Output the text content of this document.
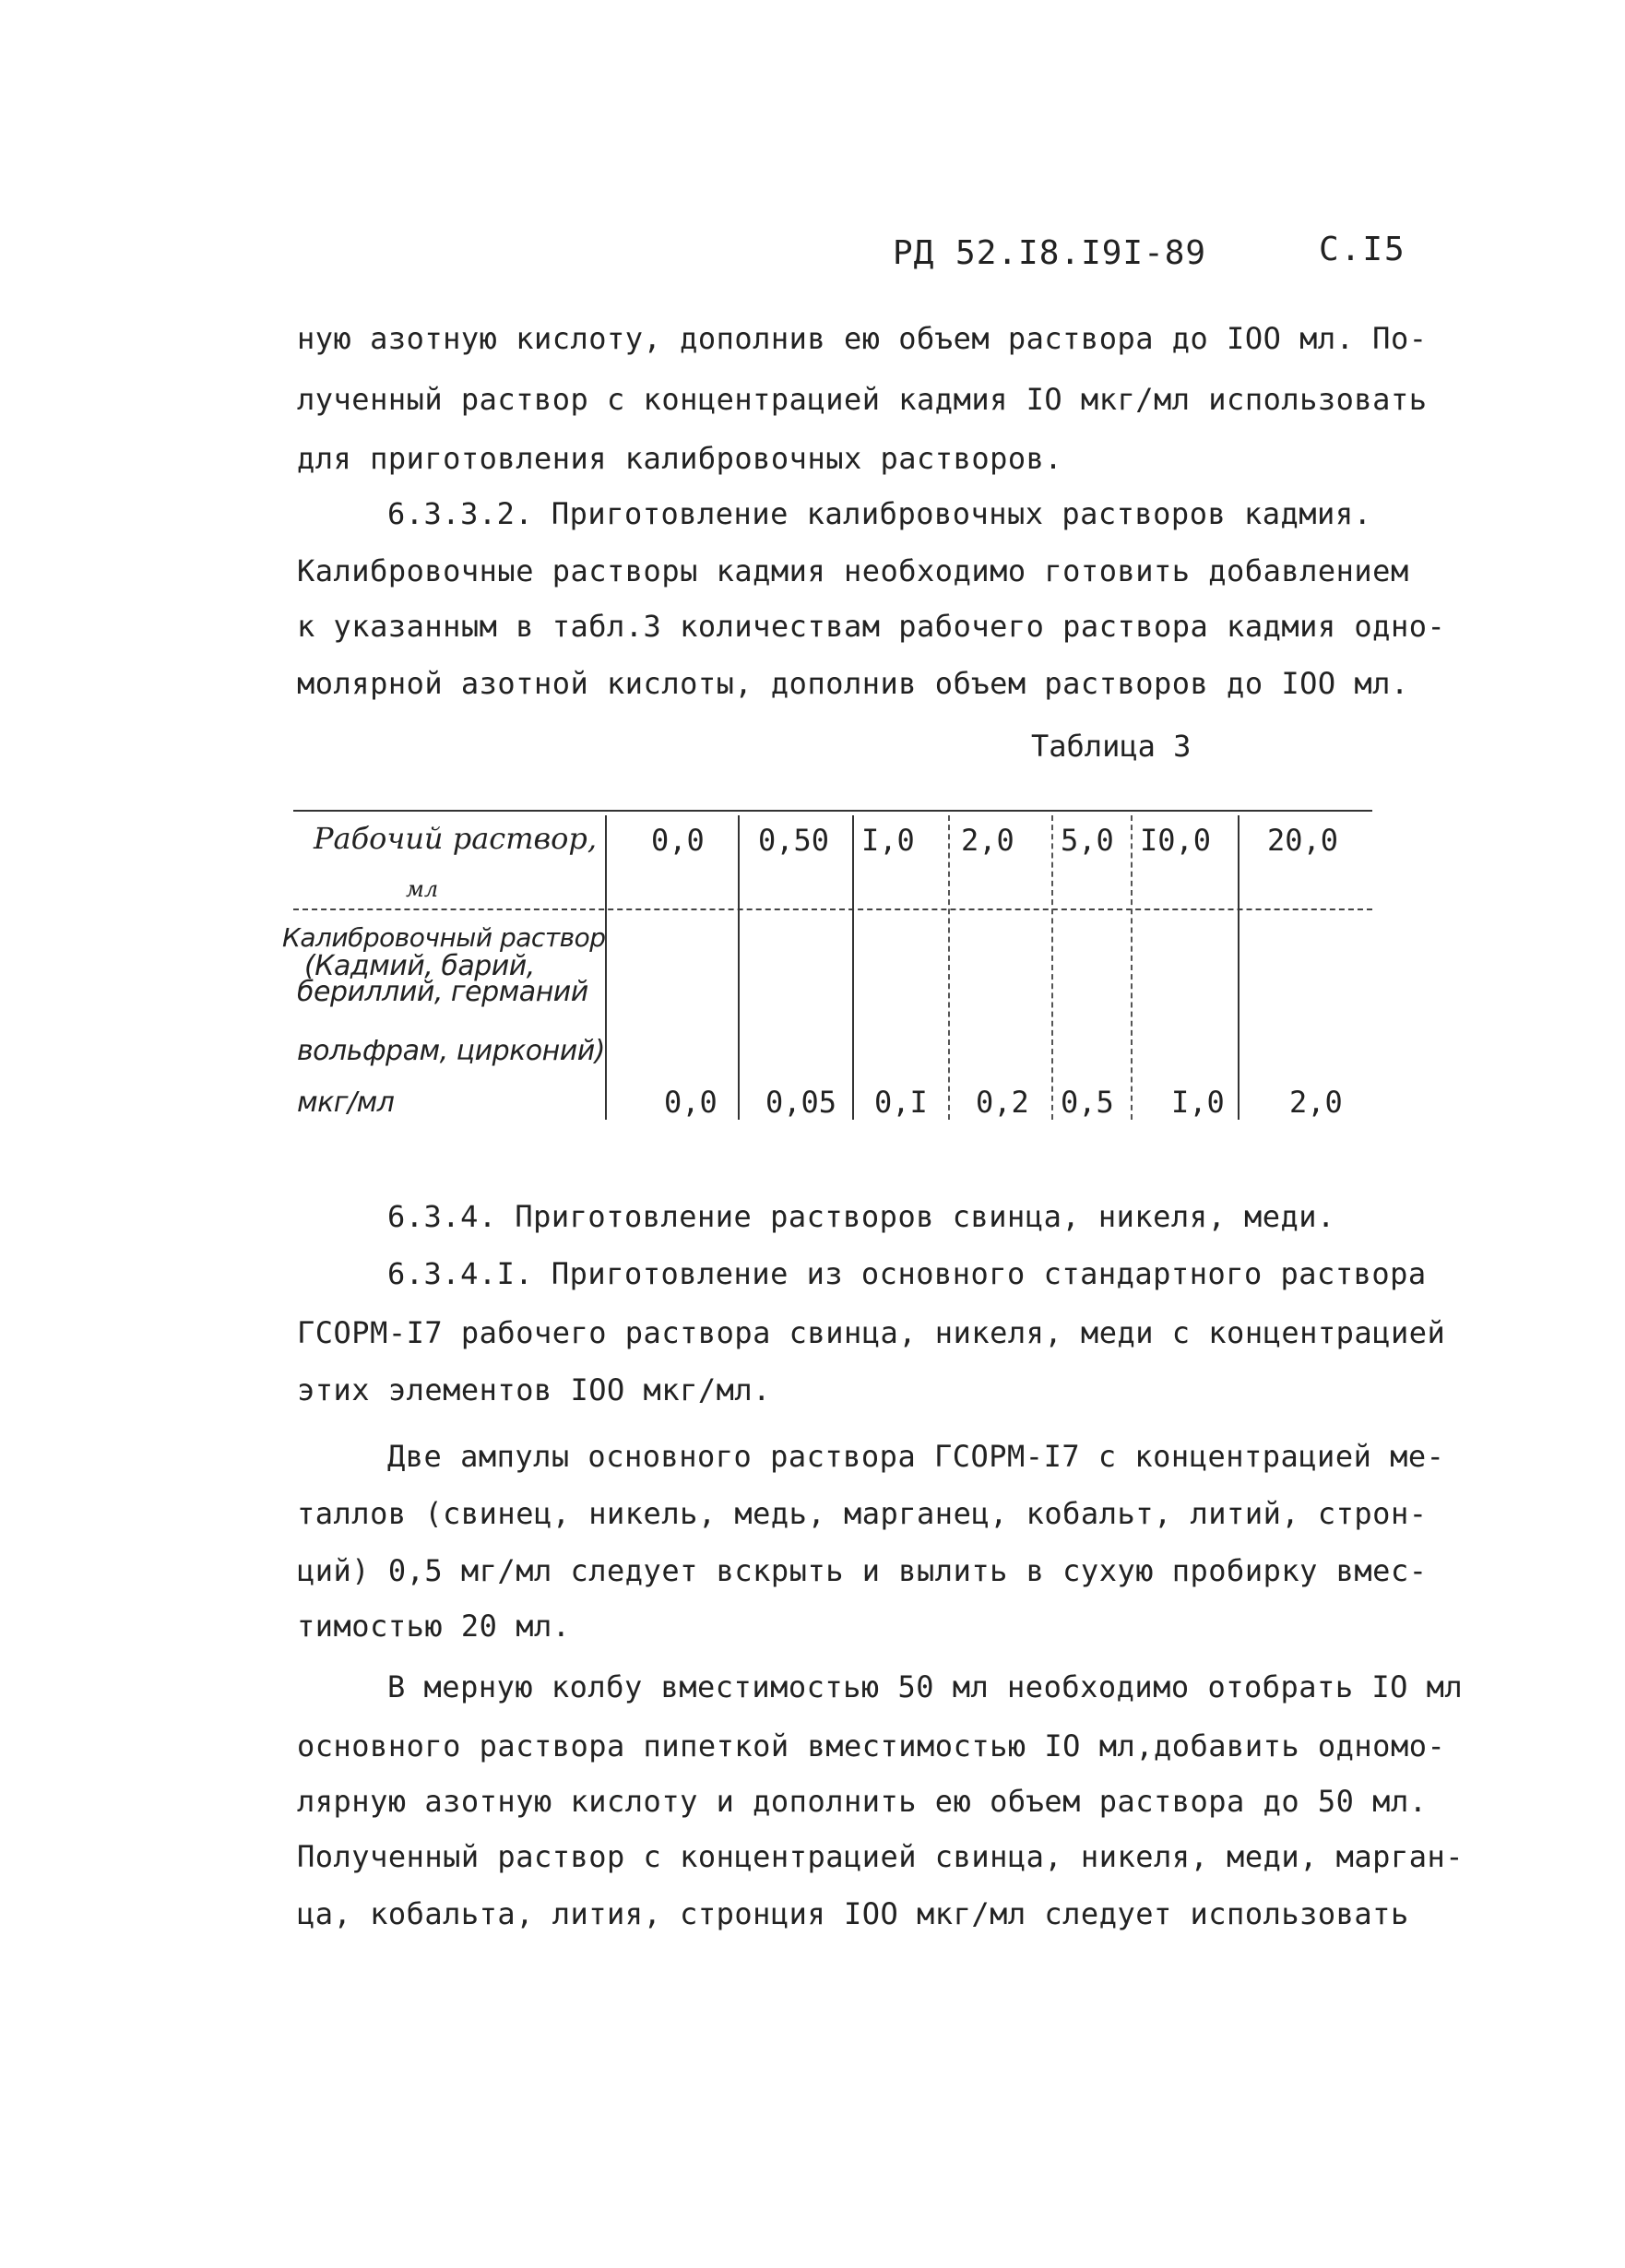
РД 52.I8.I9I-89	С.I5
ную азотную кислоту, дополнив ею объем раствора до IOO мл. По-
лученный раствор с концентрацией кадмия IO мкг/мл использовать
для приготовления калибровочных растворов.
6.3.3.2. Приготовление калибровочных растворов кадмия.
Калибровочные растворы кадмия необходимо готовить добавлением
к указанным в табл.3 количествам рабочего раствора кадмия одно-
молярной азотной кислоты, дополнив объем растворов до IOO мл.
Таблица 3
Рабочий раствор,
мл
0,0 0,50 I,0 2,0 5,0 I0,0 20,0
Калибровочный раствор
(Кадмий, барий,
бериллий, германий
вольфрам, цирконий)
мкг/мл	0,0 0,05 0,I 0,2 0,5 I,0 2,0
6.3.4. Приготовление растворов свинца, никеля, меди.
6.3.4.I. Приготовление из основного стандартного раствора
ГСОРМ-I7 рабочего раствора свинца, никеля, меди с концентрацией
этих элементов IOO мкг/мл.
Две ампулы основного раствора ГСОРМ-I7 с концентрацией ме-
таллов (свинец, никель, медь, марганец, кобальт, литий, строн-
ций) 0,5 мг/мл следует вскрыть и вылить в сухую пробирку вмес-
тимостью 20 мл.
В мерную колбу вместимостью 50 мл необходимо отобрать IO мл
основного раствора пипеткой вместимостью IO мл,добавить одномо-
лярную азотную кислоту и дополнить ею объем раствора до 50 мл.
Полученный раствор с концентрацией свинца, никеля, меди, марган-
ца, кобальта, лития, стронция IOO мкг/мл следует использовать
